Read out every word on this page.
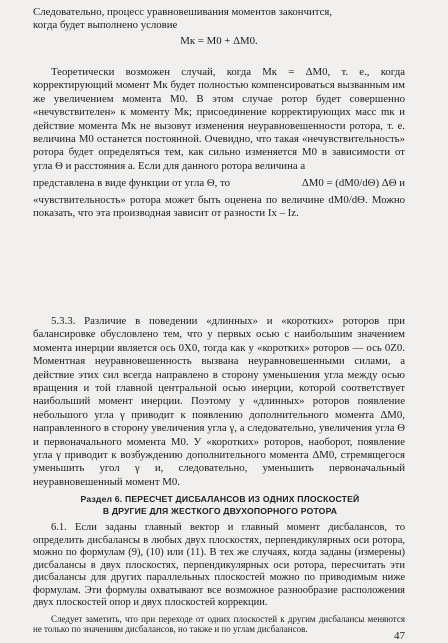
Следовательно, процесс уравновешивания моментов закончится,

когда будет выполнено условие

Mк = M0 + ΔM0.

Теоретически возможен случай, когда Mк = ΔM0, т. е., когда корректирующий момент Mк будет полностью компенсироваться вызванным им же увеличением момента M0. В этом случае ротор будет совершенно «нечувствителен» к моменту Mк; присоединение корректирующих масс mк и действие момента Mк не вызовут изменения неуравновешенности ротора, т. е. величина M0 останется постоянной. Очевидно, что такая «нечувствительность» ротора будет определяться тем, как сильно изменяется M0 в зависимости от угла Θ и расстояния a. Если для данного ротора величина a

представлена в виде функции от угла Θ, то	ΔM0 = (dM0/dΘ) ΔΘ и

«чувствительность» ротора может быть оценена по величине dM0/dΘ. Можно показать, что эта производная зависит от разности Ix – Iz.

5.3.3. Различие в поведении «длинных» и «коротких» роторов при балансировке обусловлено тем, что у первых осью с наибольшим значением момента инерции является ось 0X0, тогда как у «коротких» роторов — ось 0Z0. Моментная неуравновешенность вызвана неуравновешенными силами, а действие этих сил всегда направлено в сторону уменьшения угла между осью вращения и той главной центральной осью инерции, которой соответствует наибольший момент инерции. Поэтому у «длинных» роторов появление небольшого угла γ приводит к появлению дополнительного момента ΔM0, направленного в сторону увеличения угла γ, а следовательно, увеличения угла Θ и первоначального момента M0. У «коротких» роторов, наоборот, появление угла γ приводит к возбуждению дополнительного момента ΔM0, стремящегося уменьшить угол γ и, следовательно, уменьшить первоначальный неуравновешенный момент M0.

Раздел 6. ПЕРЕСЧЕТ ДИСБАЛАНСОВ ИЗ ОДНИХ ПЛОСКОСТЕЙ
В ДРУГИЕ ДЛЯ ЖЕСТКОГО ДВУХОПОРНОГО РОТОРА

6.1. Если заданы главный вектор и главный момент дисбалансов, то определить дисбалансы в любых двух плоскостях, перпендикулярных оси ротора, можно по формулам (9), (10) или (11). В тех же случаях, когда заданы (измерены) дисбалансы в двух плоскостях, перпендикулярных оси ротора, пересчитать эти дисбалансы для других параллельных плоскостей можно по приводимым ниже формулам. Эти формулы охватывают все возможное разнообразие расположения двух плоскостей опор и двух плоскостей коррекции.

Следует заметить, что при переходе от одних плоскостей к другим дисбалансы меняются не только по значениям дисбалансов, но также и по углам дисбалансов.

47
